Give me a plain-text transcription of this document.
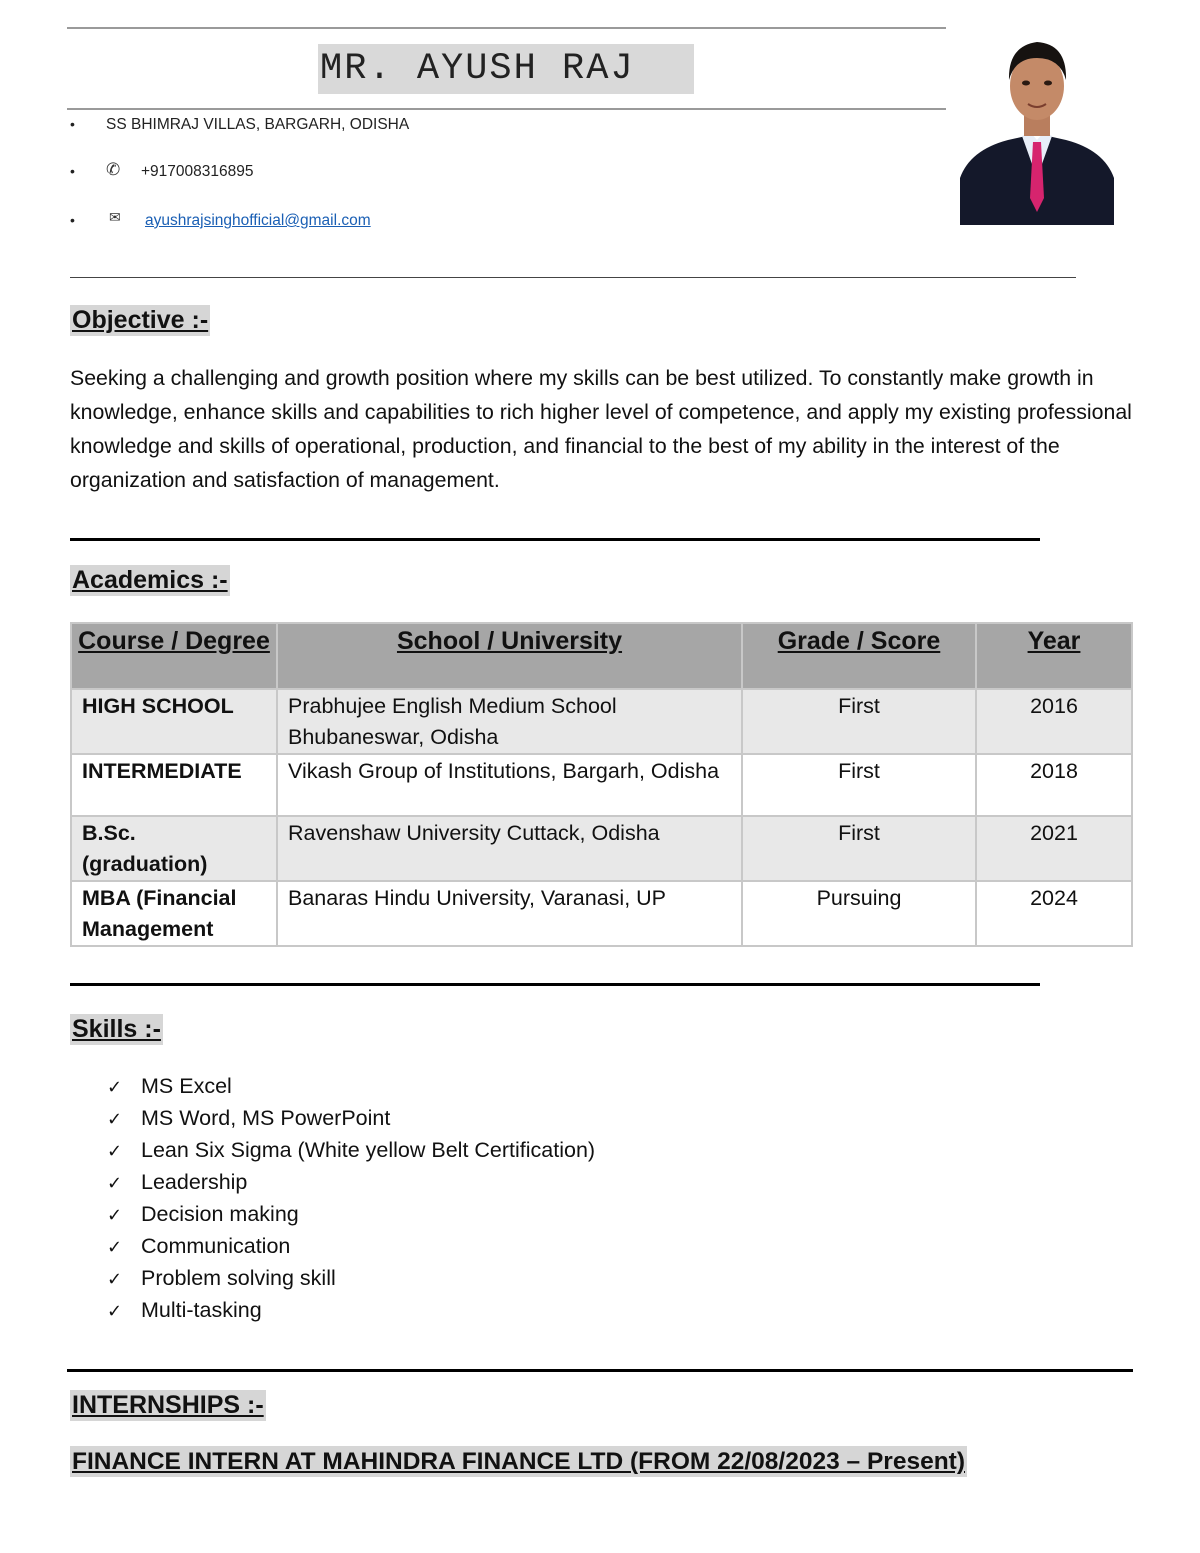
MR. AYUSH RAJ
• SS BHIMRAJ VILLAS, BARGARH, ODISHA
• ✆ +917008316895
• ✉ ayushrajsinghofficial@gmail.com
Objective :-

Seeking a challenging and growth position where my skills can be best utilized. To constantly make growth in knowledge, enhance skills and capabilities to rich higher level of competence, and apply my existing professional knowledge and skills of operational, production, and financial to the best of my ability in the interest of the organization and satisfaction of management.

Academics :-
Course / Degree	School / University	Grade / Score	Year
HIGH SCHOOL	Prabhujee English Medium School Bhubaneswar, Odisha	First	2016
INTERMEDIATE	Vikash Group of Institutions, Bargarh, Odisha	First	2018
B.Sc. (graduation)	Ravenshaw University Cuttack, Odisha	First	2021
MBA (Financial Management	Banaras Hindu University, Varanasi, UP	Pursuing	2024
Skills :-
✓ MS Excel
✓ MS Word, MS PowerPoint
✓ Lean Six Sigma (White yellow Belt Certification)
✓ Leadership
✓ Decision making
✓ Communication
✓ Problem solving skill
✓ Multi-tasking
INTERNSHIPS :-
FINANCE INTERN AT MAHINDRA FINANCE LTD (FROM 22/08/2023 – Present)
